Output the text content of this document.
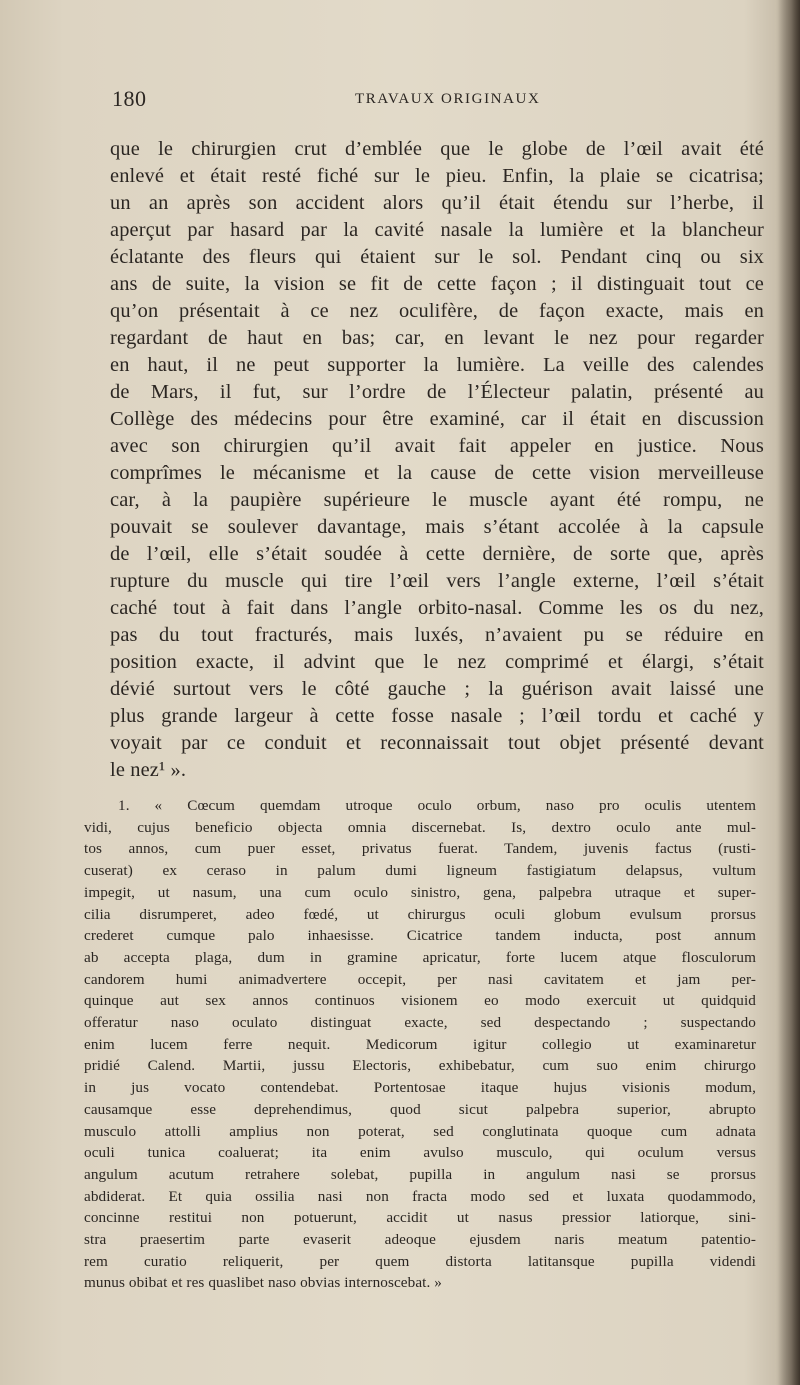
180	TRAVAUX ORIGINAUX
que le chirurgien crut d’emblée que le globe de l’œil avait été
enlevé et était resté fiché sur le pieu. Enfin, la plaie se cicatrisa;
un an après son accident alors qu’il était étendu sur l’herbe, il
aperçut par hasard par la cavité nasale la lumière et la blancheur
éclatante des fleurs qui étaient sur le sol. Pendant cinq ou six
ans de suite, la vision se fit de cette façon ; il distinguait tout ce
qu’on présentait à ce nez oculifère, de façon exacte, mais en
regardant de haut en bas; car, en levant le nez pour regarder
en haut, il ne peut supporter la lumière. La veille des calendes
de Mars, il fut, sur l’ordre de l’Électeur palatin, présenté au
Collège des médecins pour être examiné, car il était en discussion
avec son chirurgien qu’il avait fait appeler en justice. Nous
comprîmes le mécanisme et la cause de cette vision merveilleuse
car, à la paupière supérieure le muscle ayant été rompu, ne
pouvait se soulever davantage, mais s’étant accolée à la capsule
de l’œil, elle s’était soudée à cette dernière, de sorte que, après
rupture du muscle qui tire l’œil vers l’angle externe, l’œil s’était
caché tout à fait dans l’angle orbito-nasal. Comme les os du nez,
pas du tout fracturés, mais luxés, n’avaient pu se réduire en
position exacte, il advint que le nez comprimé et élargi, s’était
dévié surtout vers le côté gauche ; la guérison avait laissé une
plus grande largeur à cette fosse nasale ; l’œil tordu et caché y
voyait par ce conduit et reconnaissait tout objet présenté devant
le nez¹ ».
1. « Cœcum quemdam utroque oculo orbum, naso pro oculis utentem
vidi, cujus beneficio objecta omnia discernebat. Is, dextro oculo ante mul-
tos annos, cum puer esset, privatus fuerat. Tandem, juvenis factus (rusti-
cuserat) ex ceraso in palum dumi ligneum fastigiatum delapsus, vultum
impegit, ut nasum, una cum oculo sinistro, gena, palpebra utraque et super-
cilia disrumperet, adeo fœdé, ut chirurgus oculi globum evulsum prorsus
crederet cumque palo inhaesisse. Cicatrice tandem inducta, post annum
ab accepta plaga, dum in gramine apricatur, forte lucem atque flosculorum
candorem humi animadvertere occepit, per nasi cavitatem et jam per-
quinque aut sex annos continuos visionem eo modo exercuit ut quidquid
offeratur naso oculato distinguat exacte, sed despectando ; suspectando
enim lucem ferre nequit. Medicorum igitur collegio ut examinaretur
pridié Calend. Martii, jussu Electoris, exhibebatur, cum suo enim chirurgo
in jus vocato contendebat. Portentosae itaque hujus visionis modum,
causamque esse deprehendimus, quod sicut palpebra superior, abrupto
musculo attolli amplius non poterat, sed conglutinata quoque cum adnata
oculi tunica coaluerat; ita enim avulso musculo, qui oculum versus
angulum acutum retrahere solebat, pupilla in angulum nasi se prorsus
abdiderat. Et quia ossilia nasi non fracta modo sed et luxata quodammodo,
concinne restitui non potuerunt, accidit ut nasus pressior latiorque, sini-
stra praesertim parte evaserit adeoque ejusdem naris meatum patentio-
rem curatio reliquerit, per quem distorta latitansque pupilla videndi
munus obibat et res quaslibet naso obvias internoscebat. »
